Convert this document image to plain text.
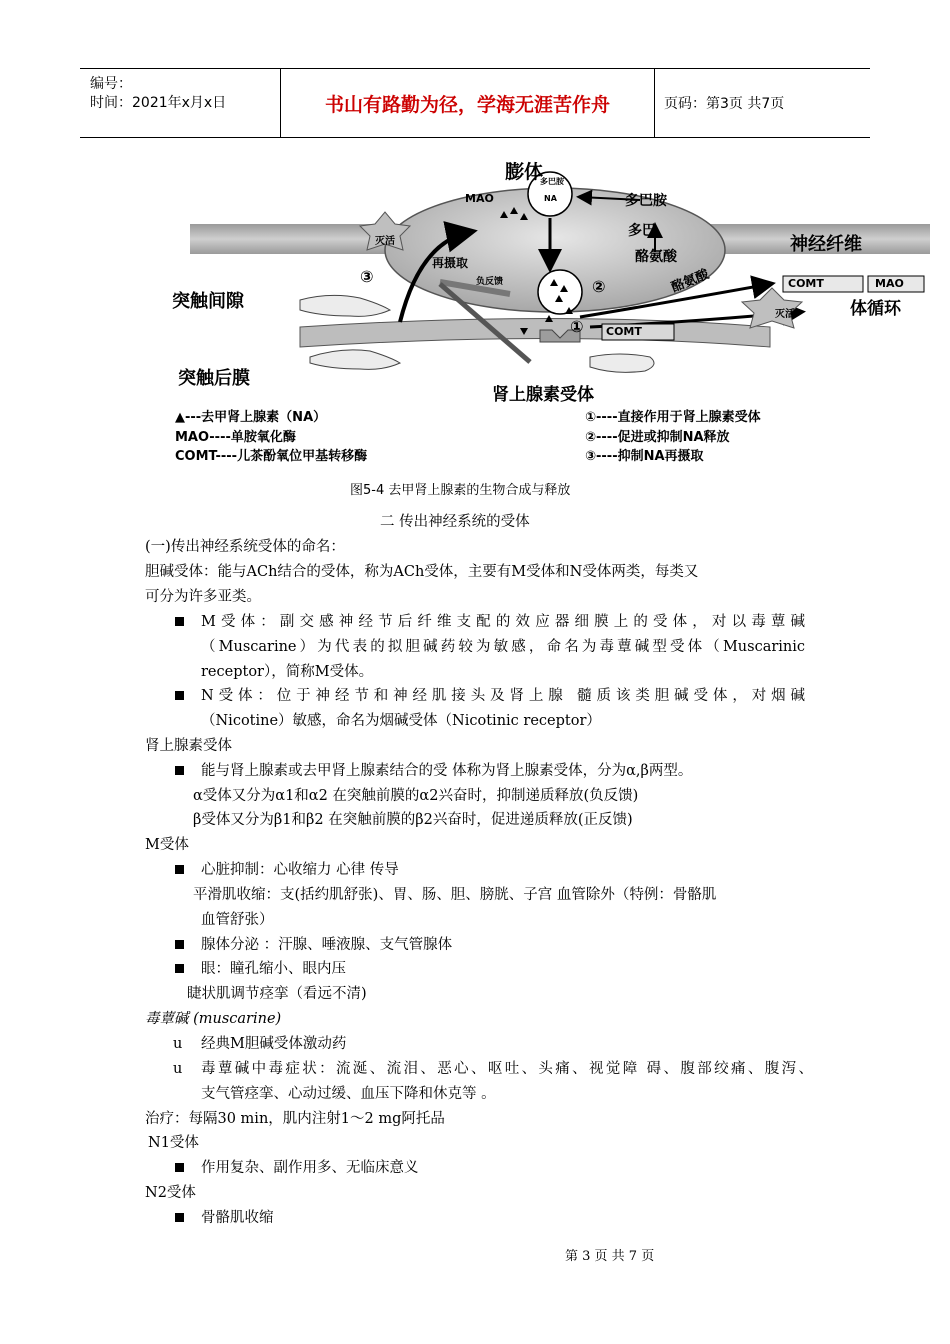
编号：
时间：2021年x月x日	书山有路勤为径，学海无涯苦作舟	页码：第3页 共7页
膨体
MAO
多巴胺
NA	多巴胺
多巴
酪氨酸
神经纤维
灭活
再摄取
负反馈
③
②
①
突触间隙
突触后膜
COMT
肾上腺素受体
酪氨酸	COMT	MAO
体循环
灭活
▲---去甲肾上腺素（NA）
MAO----单胺氧化酶
COMT----儿茶酚氧位甲基转移酶
①----直接作用于肾上腺素受体
②----促进或抑制NA释放
③----抑制NA再摄取
图5-4 去甲肾上腺素的生物合成与释放
二 传出神经系统的受体
(一)传出神经系统受体的命名：
胆碱受体：能与ACh结合的受体，称为ACh受体，主要有M受体和N受体两类，每类又
可分为许多亚类。
M受体：副交感神经节后纤维支配的效应器细膜上的受体，对以毒蕈碱
（Muscarine）为代表的拟胆碱药较为敏感，命名为毒蕈碱型受体（Muscarinic
receptor），简称M受体。
N受体：位于神经节和神经肌接头及肾上腺 髓质该类胆碱受体，对烟碱
（Nicotine）敏感，命名为烟碱受体（Nicotinic receptor）
肾上腺素受体
能与肾上腺素或去甲肾上腺素结合的受 体称为肾上腺素受体，分为α,β两型。
α受体又分为α1和α2 在突触前膜的α2兴奋时，抑制递质释放(负反馈)
β受体又分为β1和β2 在突触前膜的β2兴奋时，促进递质释放(正反馈)
M受体
心脏抑制：心收缩力 心律 传导
平滑肌收缩：支(括约肌舒张)、胃、肠、胆、膀胱、子宫 血管除外（特例：骨骼肌
血管舒张）
腺体分泌 ：汗腺、唾液腺、支气管腺体
眼：瞳孔缩小、眼内压
睫状肌调节痉挛（看远不清)
毒蕈碱 (muscarine)
u 经典M胆碱受体激动药
u 毒蕈碱中毒症状：流涎、流泪、恶心、呕吐、头痛、视觉障 碍、腹部绞痛、腹泻、
支气管痉挛、心动过缓、血压下降和休克等 。
治疗：每隔30 min，肌内注射1～2 mg阿托品
N1受体
作用复杂、副作用多、无临床意义
N2受体
骨骼肌收缩
第 3 页 共 7 页
